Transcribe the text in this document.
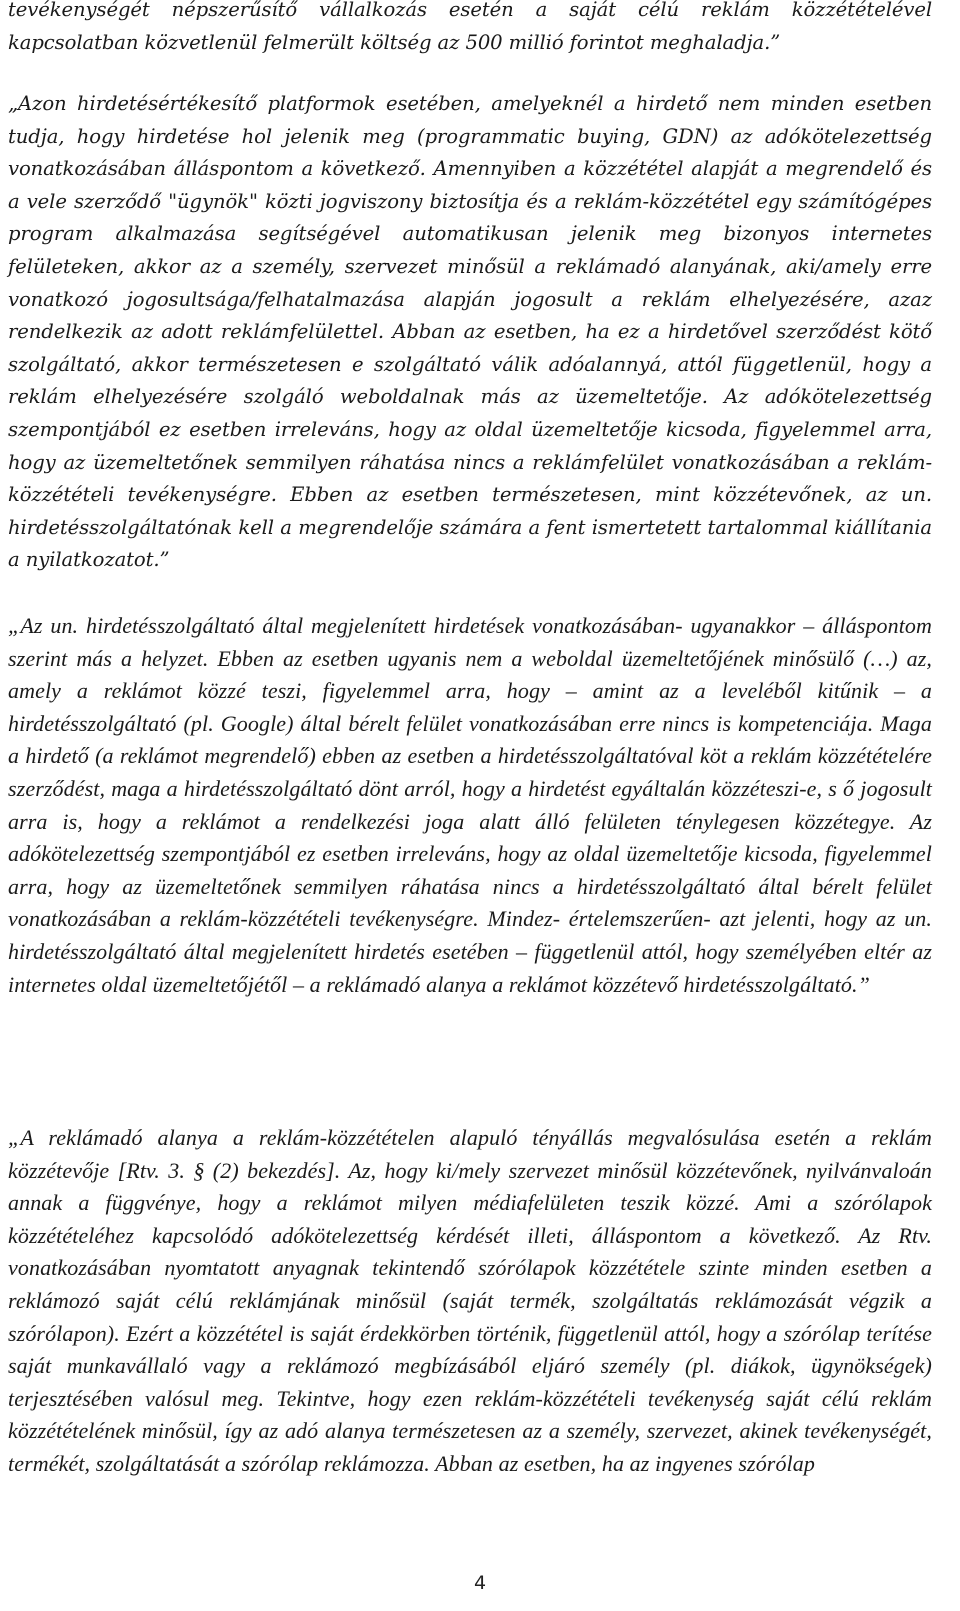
tevékenységét népszerűsítő vállalkozás esetén a saját célú reklám közzétételével kapcsolatban közvetlenül felmerült költség az 500 millió forintot meghaladja.”

„Azon hirdetésértékesítő platformok esetében, amelyeknél a hirdető nem minden esetben tudja, hogy hirdetése hol jelenik meg (programmatic buying, GDN) az adókötelezettség vonatkozásában álláspontom a következő. Amennyiben a közzététel alapját a megrendelő és a vele szerződő "ügynök" közti jogviszony biztosítja és a reklám-közzététel egy számítógépes program alkalmazása segítségével automatikusan jelenik meg bizonyos internetes felületeken, akkor az a személy, szervezet minősül a reklámadó alanyának, aki/amely erre vonatkozó jogosultsága/felhatalmazása alapján jogosult a reklám elhelyezésére, azaz rendelkezik az adott reklámfelülettel. Abban az esetben, ha ez a hirdetővel szerződést kötő szolgáltató, akkor természetesen e szolgáltató válik adóalannyá, attól függetlenül, hogy a reklám elhelyezésére szolgáló weboldalnak más az üzemeltetője. Az adókötelezettség szempontjából ez esetben irreleváns, hogy az oldal üzemeltetője kicsoda, figyelemmel arra, hogy az üzemeltetőnek semmilyen ráhatása nincs a reklámfelület vonatkozásában a reklám-közzétételi tevékenységre. Ebben az esetben természetesen, mint közzétevőnek, az un. hirdetésszolgáltatónak kell a megrendelője számára a fent ismertetett tartalommal kiállítania a nyilatkozatot.”

„Az un. hirdetésszolgáltató által megjelenített hirdetések vonatkozásában- ugyanakkor – álláspontom szerint más a helyzet. Ebben az esetben ugyanis nem a weboldal üzemeltetőjének minősülő (…) az, amely a reklámot közzé teszi, figyelemmel arra, hogy – amint az a leveléből kitűnik – a hirdetésszolgáltató (pl. Google) által bérelt felület vonatkozásában erre nincs is kompetenciája. Maga a hirdető (a reklámot megrendelő) ebben az esetben a hirdetésszolgáltatóval köt a reklám közzétételére szerződést, maga a hirdetésszolgáltató dönt arról, hogy a hirdetést egyáltalán közzéteszi-e, s ő jogosult arra is, hogy a reklámot a rendelkezési joga alatt álló felületen ténylegesen közzétegye. Az adókötelezettség szempontjából ez esetben irreleváns, hogy az oldal üzemeltetője kicsoda, figyelemmel arra, hogy az üzemeltetőnek semmilyen ráhatása nincs a hirdetésszolgáltató által bérelt felület vonatkozásában a reklám-közzétételi tevékenységre. Mindez- értelemszerűen- azt jelenti, hogy az un. hirdetésszolgáltató által megjelenített hirdetés esetében – függetlenül attól, hogy személyében eltér az internetes oldal üzemeltetőjétől – a reklámadó alanya a reklámot közzétevő hirdetésszolgáltató.”

„A reklámadó alanya a reklám-közzétételen alapuló tényállás megvalósulása esetén a reklám közzétevője [Rtv. 3. § (2) bekezdés]. Az, hogy ki/mely szervezet minősül közzétevőnek, nyilvánvaloán annak a függvénye, hogy a reklámot milyen médiafelületen teszik közzé. Ami a szórólapok közzétételéhez kapcsolódó adókötelezettség kérdését illeti, álláspontom a következő. Az Rtv. vonatkozásában nyomtatott anyagnak tekintendő szórólapok közzététele szinte minden esetben a reklámozó saját célú reklámjának minősül (saját termék, szolgáltatás reklámozását végzik a szórólapon). Ezért a közzététel is saját érdekkörben történik, függetlenül attól, hogy a szórólap terítése saját munkavállaló vagy a reklámozó megbízásából eljáró személy (pl. diákok, ügynökségek) terjesztésében valósul meg. Tekintve, hogy ezen reklám-közzétételi tevékenység saját célú reklám közzétételének minősül, így az adó alanya természetesen az a személy, szervezet, akinek tevékenységét, termékét, szolgáltatását a szórólap reklámozza. Abban az esetben, ha az ingyenes szórólap

4
